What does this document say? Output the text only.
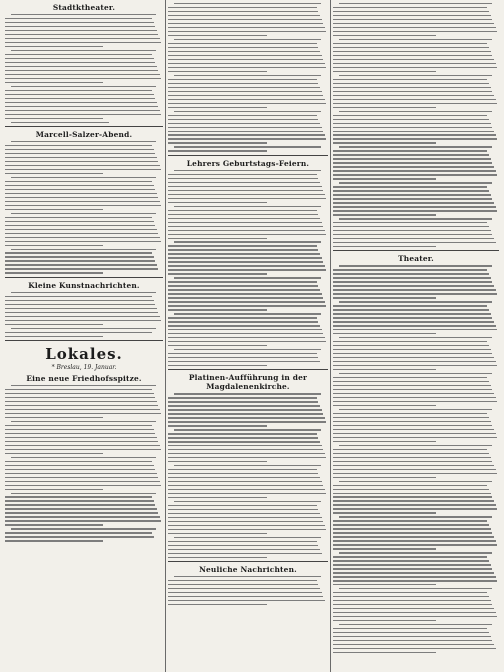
Stadtktheater.
Marcell-Salzer-Abend.
Kleine Kunstnachrichten.
Lokales.
* Breslau, 19. Januar.
Eine neue Friedhofsspitze.
Lehrers Geburtstags-Feiern.
Platinen-Aufführung in der Magdalenenkirche.
Neuliche Nachrichten.
Theater.
